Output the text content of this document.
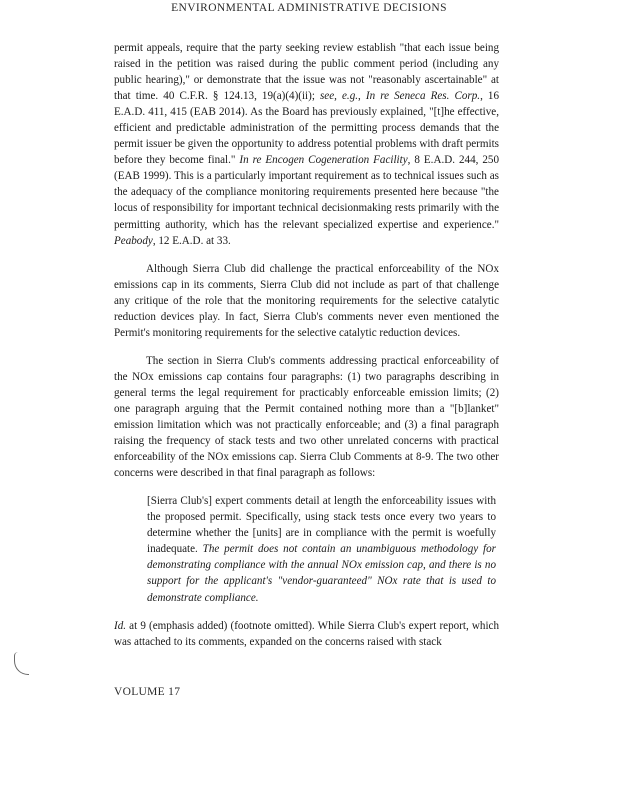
ENVIRONMENTAL ADMINISTRATIVE DECISIONS

permit appeals, require that the party seeking review establish "that each issue being raised in the petition was raised during the public comment period (including any public hearing)," or demonstrate that the issue was not "reasonably ascertainable" at that time. 40 C.F.R. § 124.13, 19(a)(4)(ii); see, e.g., In re Seneca Res. Corp., 16 E.A.D. 411, 415 (EAB 2014). As the Board has previously explained, "[t]he effective, efficient and predictable administration of the permitting process demands that the permit issuer be given the opportunity to address potential problems with draft permits before they become final." In re Encogen Cogeneration Facility, 8 E.A.D. 244, 250 (EAB 1999). This is a particularly important requirement as to technical issues such as the adequacy of the compliance monitoring requirements presented here because "the locus of responsibility for important technical decisionmaking rests primarily with the permitting authority, which has the relevant specialized expertise and experience." Peabody, 12 E.A.D. at 33.

Although Sierra Club did challenge the practical enforceability of the NOx emissions cap in its comments, Sierra Club did not include as part of that challenge any critique of the role that the monitoring requirements for the selective catalytic reduction devices play. In fact, Sierra Club's comments never even mentioned the Permit's monitoring requirements for the selective catalytic reduction devices.

The section in Sierra Club's comments addressing practical enforceability of the NOx emissions cap contains four paragraphs: (1) two paragraphs describing in general terms the legal requirement for practicably enforceable emission limits; (2) one paragraph arguing that the Permit contained nothing more than a "[b]lanket" emission limitation which was not practically enforceable; and (3) a final paragraph raising the frequency of stack tests and two other unrelated concerns with practical enforceability of the NOx emissions cap. Sierra Club Comments at 8-9. The two other concerns were described in that final paragraph as follows:

[Sierra Club's] expert comments detail at length the enforceability issues with the proposed permit. Specifically, using stack tests once every two years to determine whether the [units] are in compliance with the permit is woefully inadequate. The permit does not contain an unambiguous methodology for demonstrating compliance with the annual NOx emission cap, and there is no support for the applicant's "vendor-guaranteed" NOx rate that is used to demonstrate compliance.

Id. at 9 (emphasis added) (footnote omitted). While Sierra Club's expert report, which was attached to its comments, expanded on the concerns raised with stack

VOLUME 17
